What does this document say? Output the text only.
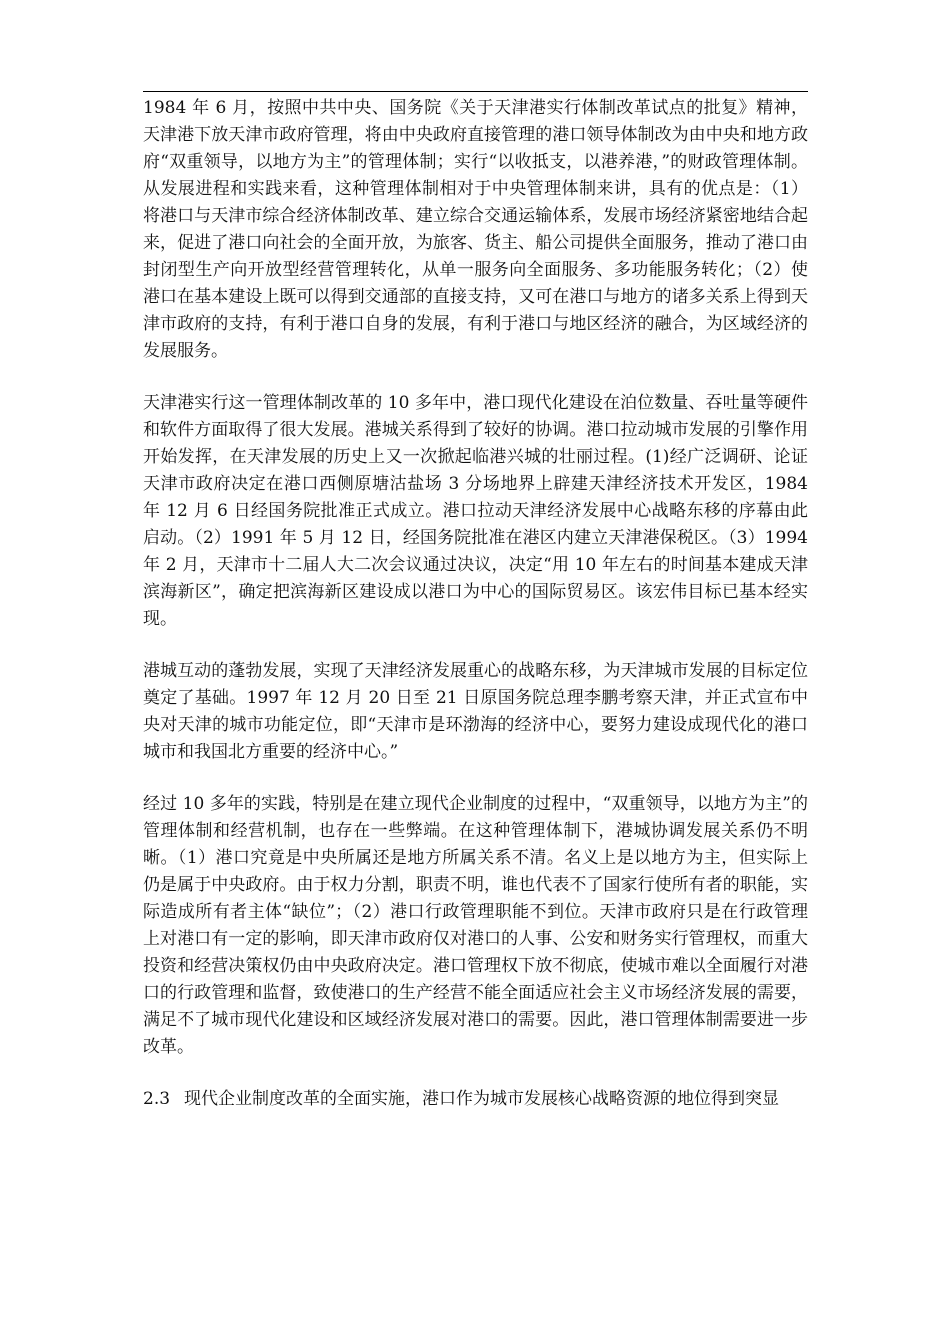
1984 年 6 月，按照中共中央、国务院《关于天津港实行体制改革试点的批复》精神，天津港下放天津市政府管理，将由中央政府直接管理的港口领导体制改为由中央和地方政府“双重领导，以地方为主”的管理体制；实行“以收抵支，以港养港，”的财政管理体制。从发展进程和实践来看，这种管理体制相对于中央管理体制来讲，具有的优点是：（1）将港口与天津市综合经济体制改革、建立综合交通运输体系，发展市场经济紧密地结合起来，促进了港口向社会的全面开放，为旅客、货主、船公司提供全面服务，推动了港口由封闭型生产向开放型经营管理转化，从单一服务向全面服务、多功能服务转化；（2）使港口在基本建设上既可以得到交通部的直接支持，又可在港口与地方的诸多关系上得到天津市政府的支持，有利于港口自身的发展，有利于港口与地区经济的融合，为区域经济的发展服务。

天津港实行这一管理体制改革的 10 多年中，港口现代化建设在泊位数量、吞吐量等硬件和软件方面取得了很大发展。港城关系得到了较好的协调。港口拉动城市发展的引擎作用开始发挥，在天津发展的历史上又一次掀起临港兴城的壮丽过程。(1)经广泛调研、论证天津市政府决定在港口西侧原塘沽盐场 3 分场地界上辟建天津经济技术开发区，1984 年 12 月 6 日经国务院批准正式成立。港口拉动天津经济发展中心战略东移的序幕由此启动。（2）1991 年 5 月 12 日，经国务院批准在港区内建立天津港保税区。（3）1994 年 2 月，天津市十二届人大二次会议通过决议，决定“用 10 年左右的时间基本建成天津滨海新区”，确定把滨海新区建设成以港口为中心的国际贸易区。该宏伟目标已基本经实现。

港城互动的蓬勃发展，实现了天津经济发展重心的战略东移，为天津城市发展的目标定位奠定了基础。1997 年 12 月 20 日至 21 日原国务院总理李鹏考察天津，并正式宣布中央对天津的城市功能定位，即“天津市是环渤海的经济中心，要努力建设成现代化的港口城市和我国北方重要的经济中心。”

经过 10 多年的实践，特别是在建立现代企业制度的过程中，“双重领导，以地方为主”的管理体制和经营机制，也存在一些弊端。在这种管理体制下，港城协调发展关系仍不明晰。（1）港口究竟是中央所属还是地方所属关系不清。名义上是以地方为主，但实际上仍是属于中央政府。由于权力分割，职责不明，谁也代表不了国家行使所有者的职能，实际造成所有者主体“缺位”；（2）港口行政管理职能不到位。天津市政府只是在行政管理上对港口有一定的影响，即天津市政府仅对港口的人事、公安和财务实行管理权，而重大投资和经营决策权仍由中央政府决定。港口管理权下放不彻底，使城市难以全面履行对港口的行政管理和监督，致使港口的生产经营不能全面适应社会主义市场经济发展的需要，满足不了城市现代化建设和区域经济发展对港口的需要。因此，港口管理体制需要进一步改革。

2.3 现代企业制度改革的全面实施，港口作为城市发展核心战略资源的地位得到突显
